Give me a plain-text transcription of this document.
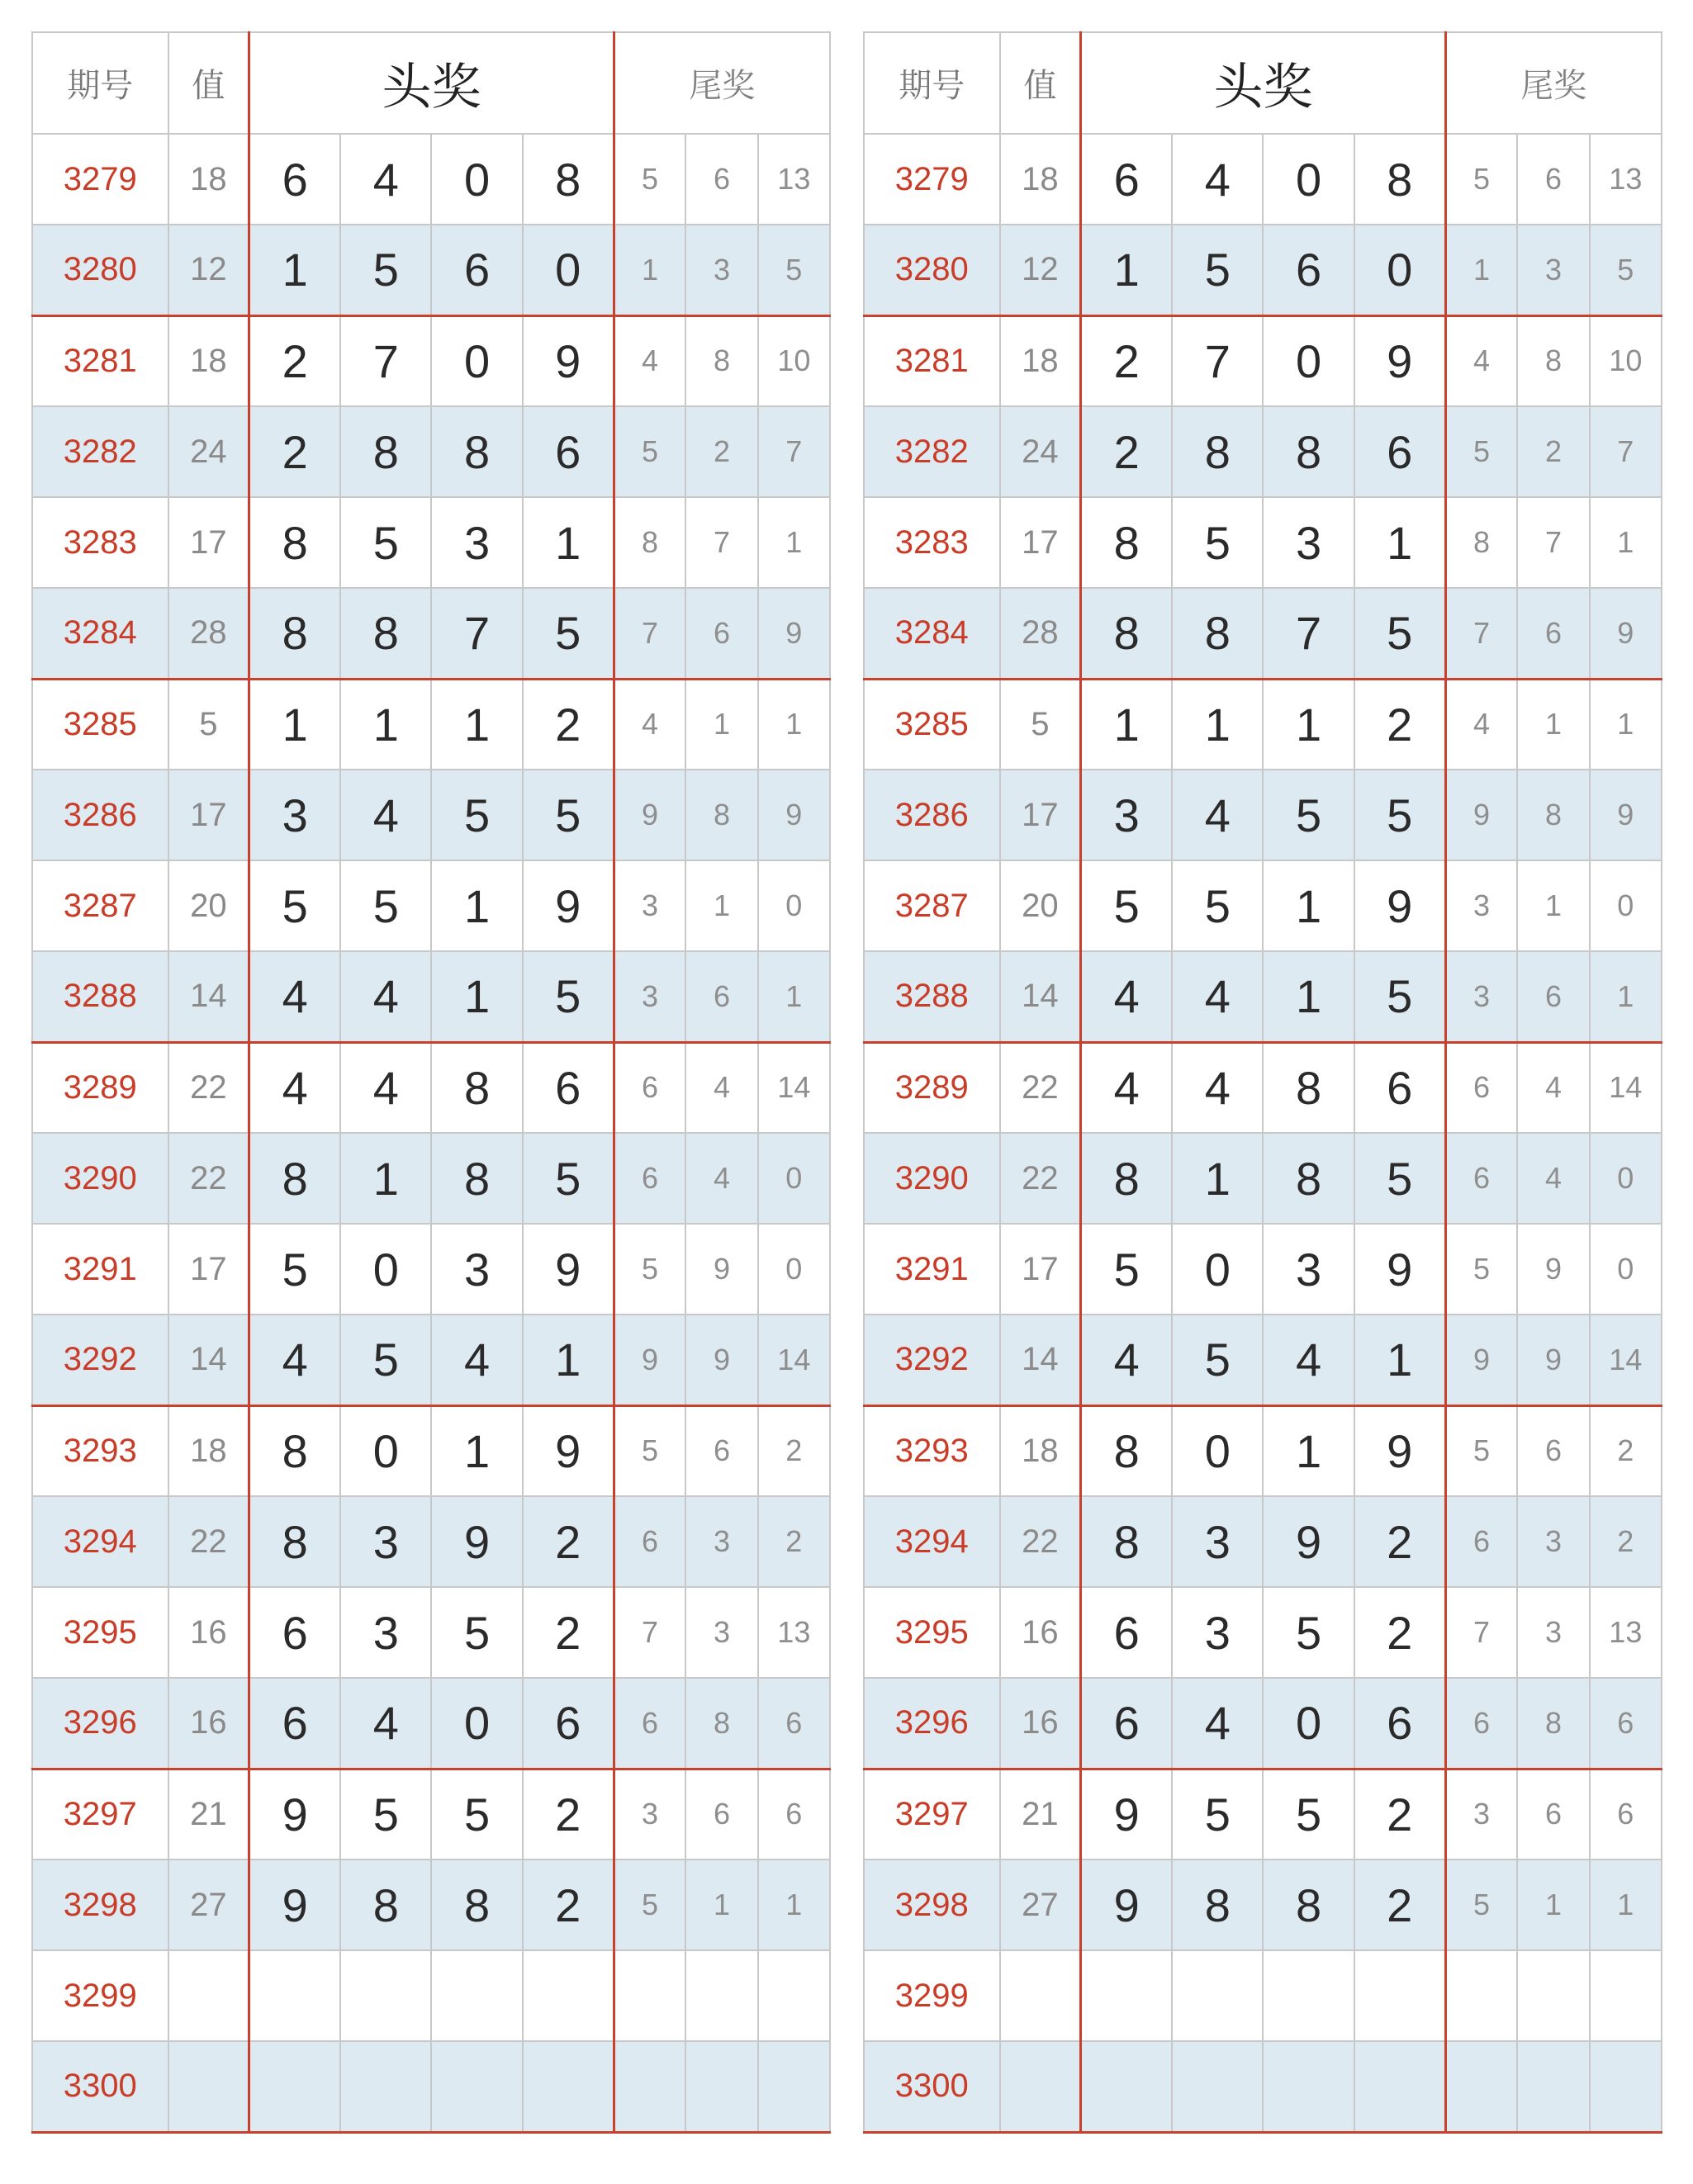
期号	值	头奖				尾奖		
3279	18	6	4	0	8	5	6	13
3280	12	1	5	6	0	1	3	5
3281	18	2	7	0	9	4	8	10
3282	24	2	8	8	6	5	2	7
3283	17	8	5	3	1	8	7	1
3284	28	8	8	7	5	7	6	9
3285	5	1	1	1	2	4	1	1
3286	17	3	4	5	5	9	8	9
3287	20	5	5	1	9	3	1	0
3288	14	4	4	1	5	3	6	1
3289	22	4	4	8	6	6	4	14
3290	22	8	1	8	5	6	4	0
3291	17	5	0	3	9	5	9	0
3292	14	4	5	4	1	9	9	14
3293	18	8	0	1	9	5	6	2
3294	22	8	3	9	2	6	3	2
3295	16	6	3	5	2	7	3	13
3296	16	6	4	0	6	6	8	6
3297	21	9	5	5	2	3	6	6
3298	27	9	8	8	2	5	1	1
3299								
3300								
期号	值	头奖				尾奖		
3279	18	6	4	0	8	5	6	13
3280	12	1	5	6	0	1	3	5
3281	18	2	7	0	9	4	8	10
3282	24	2	8	8	6	5	2	7
3283	17	8	5	3	1	8	7	1
3284	28	8	8	7	5	7	6	9
3285	5	1	1	1	2	4	1	1
3286	17	3	4	5	5	9	8	9
3287	20	5	5	1	9	3	1	0
3288	14	4	4	1	5	3	6	1
3289	22	4	4	8	6	6	4	14
3290	22	8	1	8	5	6	4	0
3291	17	5	0	3	9	5	9	0
3292	14	4	5	4	1	9	9	14
3293	18	8	0	1	9	5	6	2
3294	22	8	3	9	2	6	3	2
3295	16	6	3	5	2	7	3	13
3296	16	6	4	0	6	6	8	6
3297	21	9	5	5	2	3	6	6
3298	27	9	8	8	2	5	1	1
3299								
3300								
